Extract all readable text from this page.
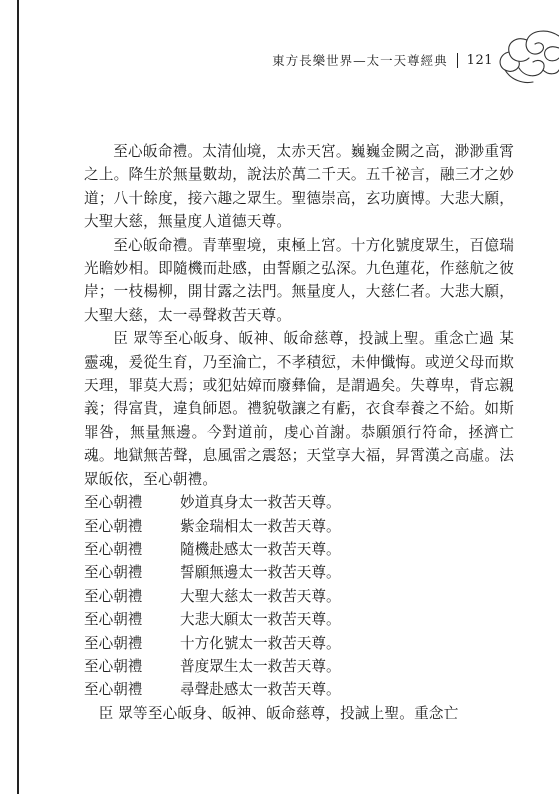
東方長樂世界—太一天尊經典 121

至心皈命禮。太清仙境，太赤天宮。巍巍金闕之高，渺渺重霄之上。降生於無量數劫，說法於萬二千天。五千祕言，融三才之妙道；八十餘度，接六趣之眾生。聖德崇高，玄功廣博。大悲大願，大聖大慈，無量度人道德天尊。

至心皈命禮。青華聖境，東極上宮。十方化號度眾生，百億瑞光瞻妙相。即隨機而赴感，由誓願之弘深。九色蓮花，作慈航之彼岸；一枝楊柳，開甘露之法門。無量度人，大慈仁者。大悲大願，大聖大慈，太一尋聲救苦天尊。

臣 眾等至心皈身、皈神、皈命慈尊，投誠上聖。重念亡過 某 靈魂，爰從生育，乃至淪亡，不孝積愆，未伸懺悔。或逆父母而欺天理，罪莫大焉；或犯姑嫜而廢彝倫，是謂過矣。失尊卑，背忘親義；得富貴，違負師恩。禮貌敬讓之有虧，衣食奉養之不給。如斯罪咎，無量無邊。今對道前，虔心首謝。恭願頒行符命，拯濟亡魂。地獄無苦聲，息風雷之震怒；天堂享大福，昇霄漢之高虛。法眾皈依，至心朝禮。

至心朝禮	妙道真身太一救苦天尊。
至心朝禮	紫金瑞相太一救苦天尊。
至心朝禮	隨機赴感太一救苦天尊。
至心朝禮	誓願無邊太一救苦天尊。
至心朝禮	大聖大慈太一救苦天尊。
至心朝禮	大悲大願太一救苦天尊。
至心朝禮	十方化號太一救苦天尊。
至心朝禮	普度眾生太一救苦天尊。
至心朝禮	尋聲赴感太一救苦天尊。

臣 眾等至心皈身、皈神、皈命慈尊，投誠上聖。重念亡
